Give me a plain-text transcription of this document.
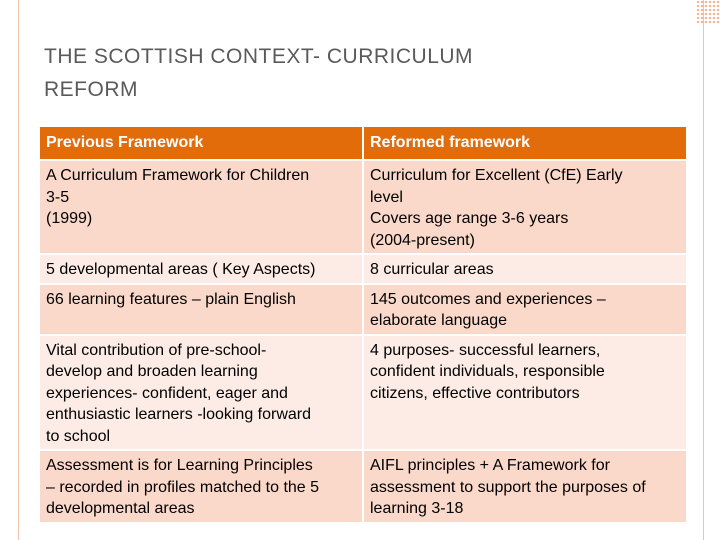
THE SCOTTISH CONTEXT- CURRICULUM
REFORM
Previous Framework	Reformed framework

A Curriculum Framework for Children
3-5
(1999)	Curriculum for Excellent (CfE) Early
level
Covers age range 3-6 years
(2004-present)

5 developmental areas ( Key Aspects)	8 curricular areas

66 learning features – plain English	145 outcomes and experiences –
elaborate language

Vital contribution of pre-school-
develop and broaden learning
experiences- confident, eager and
enthusiastic learners -looking forward
to school	4 purposes- successful learners,
confident individuals, responsible
citizens, effective contributors

Assessment is for Learning Principles
– recorded in profiles matched to the 5
developmental areas	AIFL principles + A Framework for
assessment to support the purposes of
learning 3-18
